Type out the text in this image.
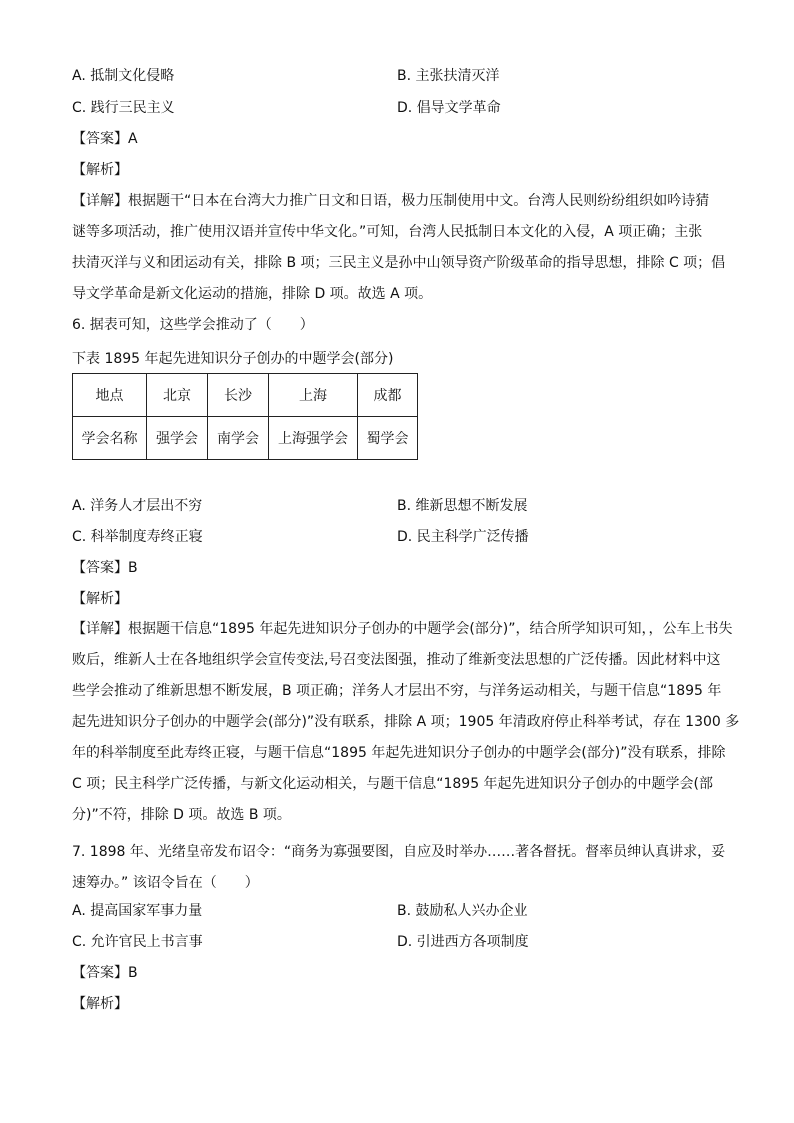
A. 抵制文化侵略	B. 主张扶清灭洋
C. 践行三民主义	D. 倡导文学革命
【答案】A
【解析】
【详解】根据题干“日本在台湾大力推广日文和日语，极力压制使用中文。台湾人民则纷纷组织如吟诗猜
谜等多项活动，推广使用汉语并宣传中华文化。”可知，台湾人民抵制日本文化的入侵，A 项正确；主张
扶清灭洋与义和团运动有关，排除 B 项；三民主义是孙中山领导资产阶级革命的指导思想，排除 C 项；倡
导文学革命是新文化运动的措施，排除 D 项。故选 A 项。
6. 据表可知，这些学会推动了（　　）
下表 1895 年起先进知识分子创办的中题学会(部分)
地点	北京	长沙	上海	成都
学会名称	强学会	南学会	上海强学会	蜀学会
A. 洋务人才层出不穷	B. 维新思想不断发展
C. 科举制度寿终正寝	D. 民主科学广泛传播
【答案】B
【解析】
【详解】根据题干信息“1895 年起先进知识分子创办的中题学会(部分)”，结合所学知识可知，，公车上书失
败后，维新人士在各地组织学会宣传变法,号召变法图强，推动了维新变法思想的广泛传播。因此材料中这
些学会推动了维新思想不断发展，B 项正确；洋务人才层出不穷，与洋务运动相关，与题干信息“1895 年
起先进知识分子创办的中题学会(部分)”没有联系，排除 A 项；1905 年清政府停止科举考试，存在 1300 多
年的科举制度至此寿终正寝，与题干信息“1895 年起先进知识分子创办的中题学会(部分)”没有联系，排除
C 项；民主科学广泛传播，与新文化运动相关，与题干信息“1895 年起先进知识分子创办的中题学会(部
分)”不符，排除 D 项。故选 B 项。
7. 1898 年、光绪皇帝发布诏令：“商务为寡强要图，自应及时举办……著各督抚。督率员绅认真讲求，妥
速筹办。” 该诏令旨在（　　）
A. 提高国家军事力量	B. 鼓励私人兴办企业
C. 允许官民上书言事	D. 引进西方各项制度
【答案】B
【解析】
